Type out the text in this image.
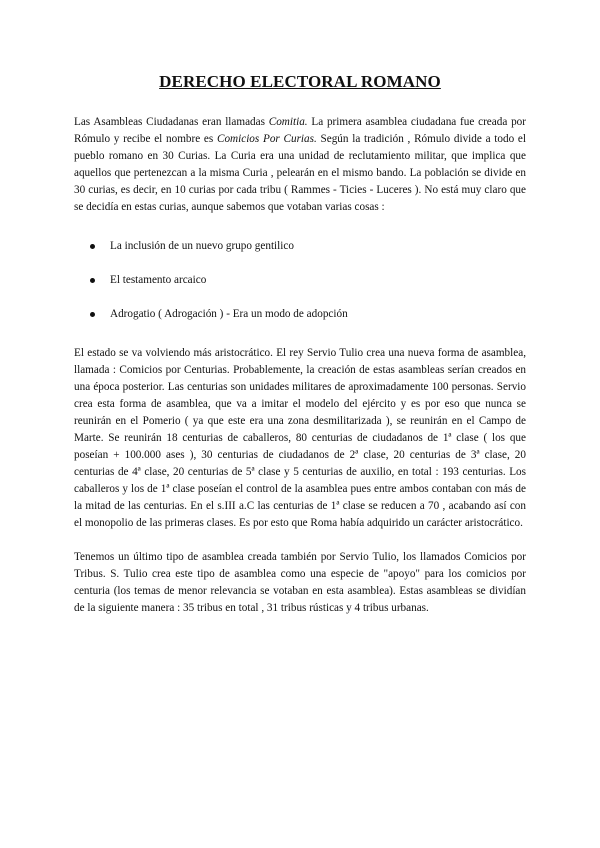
DERECHO ELECTORAL ROMANO

Las Asambleas Ciudadanas eran llamadas Comitia. La primera asamblea ciudadana fue creada por Rómulo y recibe el nombre es Comicios Por Curias. Según la tradición , Rómulo divide a todo el pueblo romano en 30 Curias. La Curia era una unidad de reclutamiento militar, que implica que aquellos que pertenezcan a la misma Curia , pelearán en el mismo bando. La población se divide en 30 curias, es decir, en 10 curias por cada tribu ( Rammes - Ticies - Luceres ). No está muy claro que se decidía en estas curias, aunque sabemos que votaban varias cosas :

La inclusión de un nuevo grupo gentilico
El testamento arcaico
Adrogatio ( Adrogación ) - Era un modo de adopción

El estado se va volviendo más aristocrático. El rey Servio Tulio crea una nueva forma de asamblea, llamada : Comicios por Centurias. Probablemente, la creación de estas asambleas serían creados en una época posterior. Las centurias son unidades militares de aproximadamente 100 personas. Servio crea esta forma de asamblea, que va a imitar el modelo del ejército y es por eso que nunca se reunirán en el Pomerio ( ya que este era una zona desmilitarizada ), se reunirán en el Campo de Marte. Se reunirán 18 centurias de caballeros, 80 centurias de ciudadanos de 1ª clase ( los que poseían + 100.000 ases ), 30 centurias de ciudadanos de 2ª clase, 20 centurias de 3ª clase, 20 centurias de 4ª clase, 20 centurias de 5ª clase y 5 centurias de auxilio, en total : 193 centurias. Los caballeros y los de 1ª clase poseían el control de la asamblea pues entre ambos contaban con más de la mitad de las centurias. En el s.III a.C las centurias de 1ª clase se reducen a 70 , acabando así con el monopolio de las primeras clases. Es por esto que Roma había adquirido un carácter aristocrático.

Tenemos un último tipo de asamblea creada también por Servio Tulio, los llamados Comicios por Tribus. S. Tulio crea este tipo de asamblea como una especie de "apoyo" para los comicios por centuria (los temas de menor relevancia se votaban en esta asamblea). Estas asambleas se dividían de la siguiente manera : 35 tribus en total , 31 tribus rústicas y 4 tribus urbanas.
